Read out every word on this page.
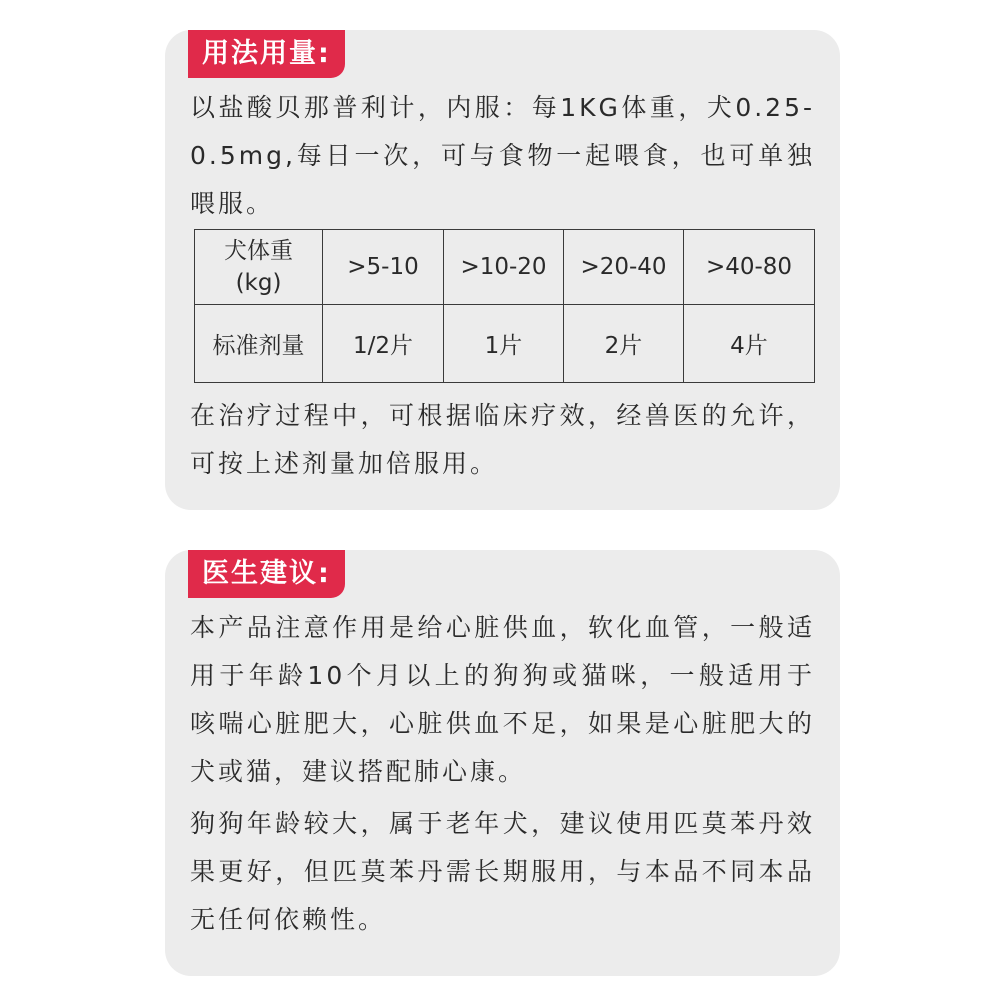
用法用量:

以盐酸贝那普利计，内服：每1KG体重，犬0.25-0.5mg,每日一次，可与食物一起喂食，也可单独喂服。

犬体重
(kg)	>5-10	>10-20	>20-40	>40-80
标准剂量	1/2片	1片	2片	4片

在治疗过程中，可根据临床疗效，经兽医的允许，可按上述剂量加倍服用。

医生建议:

本产品注意作用是给心脏供血，软化血管，一般适用于年龄10个月以上的狗狗或猫咪，一般适用于咳喘心脏肥大，心脏供血不足，如果是心脏肥大的犬或猫，建议搭配肺心康。

狗狗年龄较大，属于老年犬，建议使用匹莫苯丹效果更好，但匹莫苯丹需长期服用，与本品不同本品无任何依赖性。
